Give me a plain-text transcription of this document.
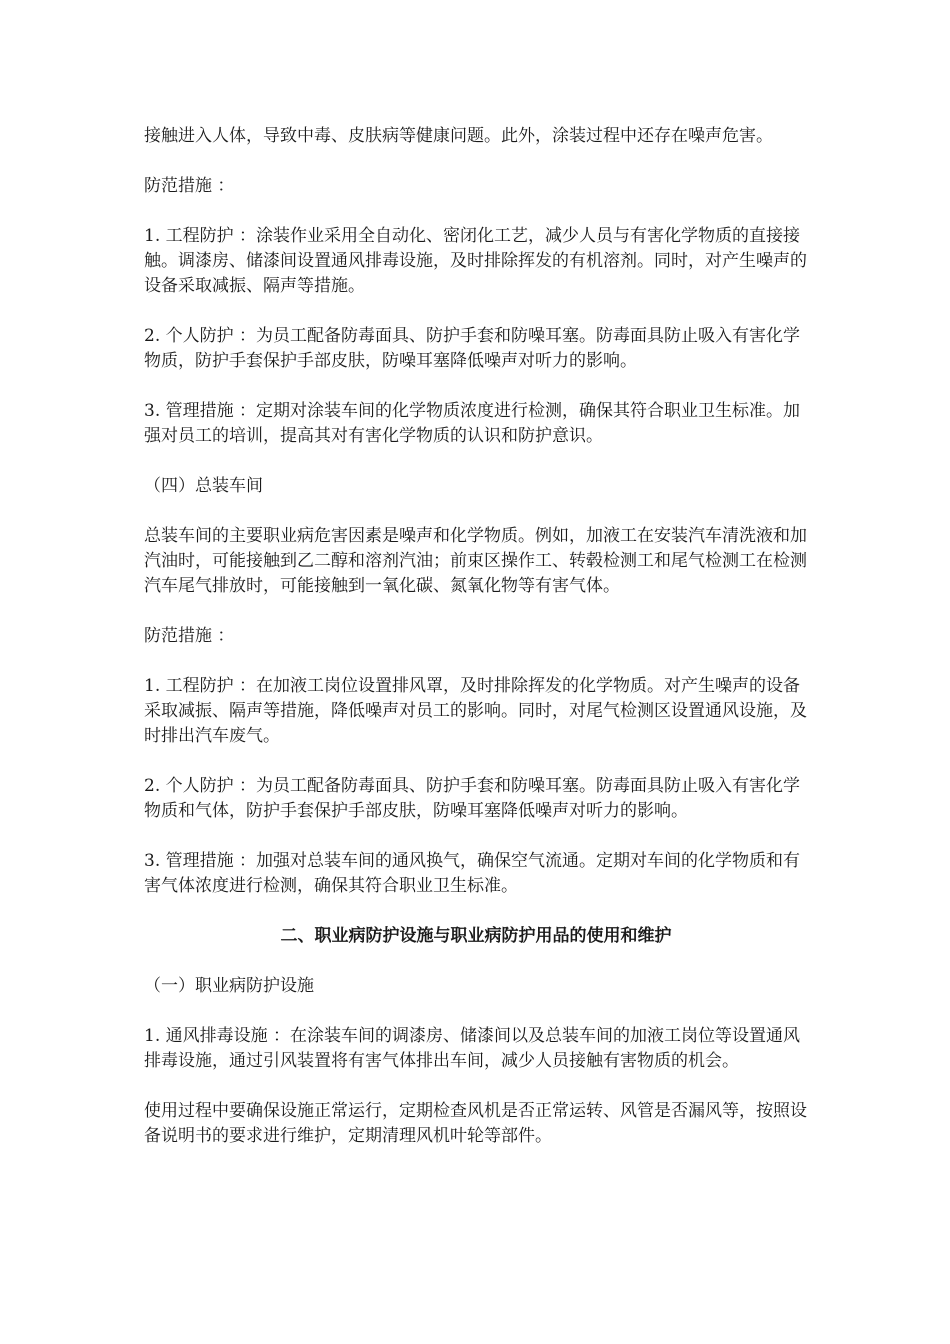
接触进入人体，导致中毒、皮肤病等健康问题。此外，涂装过程中还存在噪声危害。

防范措施 ：

1. 工程防护 ：涂装作业采用全自动化、密闭化工艺，减少人员与有害化学物质的直接接触。调漆房、储漆间设置通风排毒设施，及时排除挥发的有机溶剂。同时，对产生噪声的设备采取减振、隔声等措施。

2. 个人防护 ：为员工配备防毒面具、防护手套和防噪耳塞。防毒面具防止吸入有害化学物质，防护手套保护手部皮肤，防噪耳塞降低噪声对听力的影响。

3. 管理措施 ：定期对涂装车间的化学物质浓度进行检测，确保其符合职业卫生标准。加强对员工的培训，提高其对有害化学物质的认识和防护意识。

（四）总装车间

总装车间的主要职业病危害因素是噪声和化学物质。例如，加液工在安装汽车清洗液和加汽油时，可能接触到乙二醇和溶剂汽油；前束区操作工、转毂检测工和尾气检测工在检测汽车尾气排放时，可能接触到一氧化碳、氮氧化物等有害气体。

防范措施 ：

1. 工程防护 ：在加液工岗位设置排风罩，及时排除挥发的化学物质。对产生噪声的设备采取减振、隔声等措施，降低噪声对员工的影响。同时，对尾气检测区设置通风设施，及时排出汽车废气。

2. 个人防护 ：为员工配备防毒面具、防护手套和防噪耳塞。防毒面具防止吸入有害化学物质和气体，防护手套保护手部皮肤，防噪耳塞降低噪声对听力的影响。

3. 管理措施 ：加强对总装车间的通风换气，确保空气流通。定期对车间的化学物质和有害气体浓度进行检测，确保其符合职业卫生标准。

二、职业病防护设施与职业病防护用品的使用和维护

（一）职业病防护设施

1. 通风排毒设施 ：在涂装车间的调漆房、储漆间以及总装车间的加液工岗位等设置通风排毒设施，通过引风装置将有害气体排出车间，减少人员接触有害物质的机会。

使用过程中要确保设施正常运行，定期检查风机是否正常运转、风管是否漏风等，按照设备说明书的要求进行维护，定期清理风机叶轮等部件。
